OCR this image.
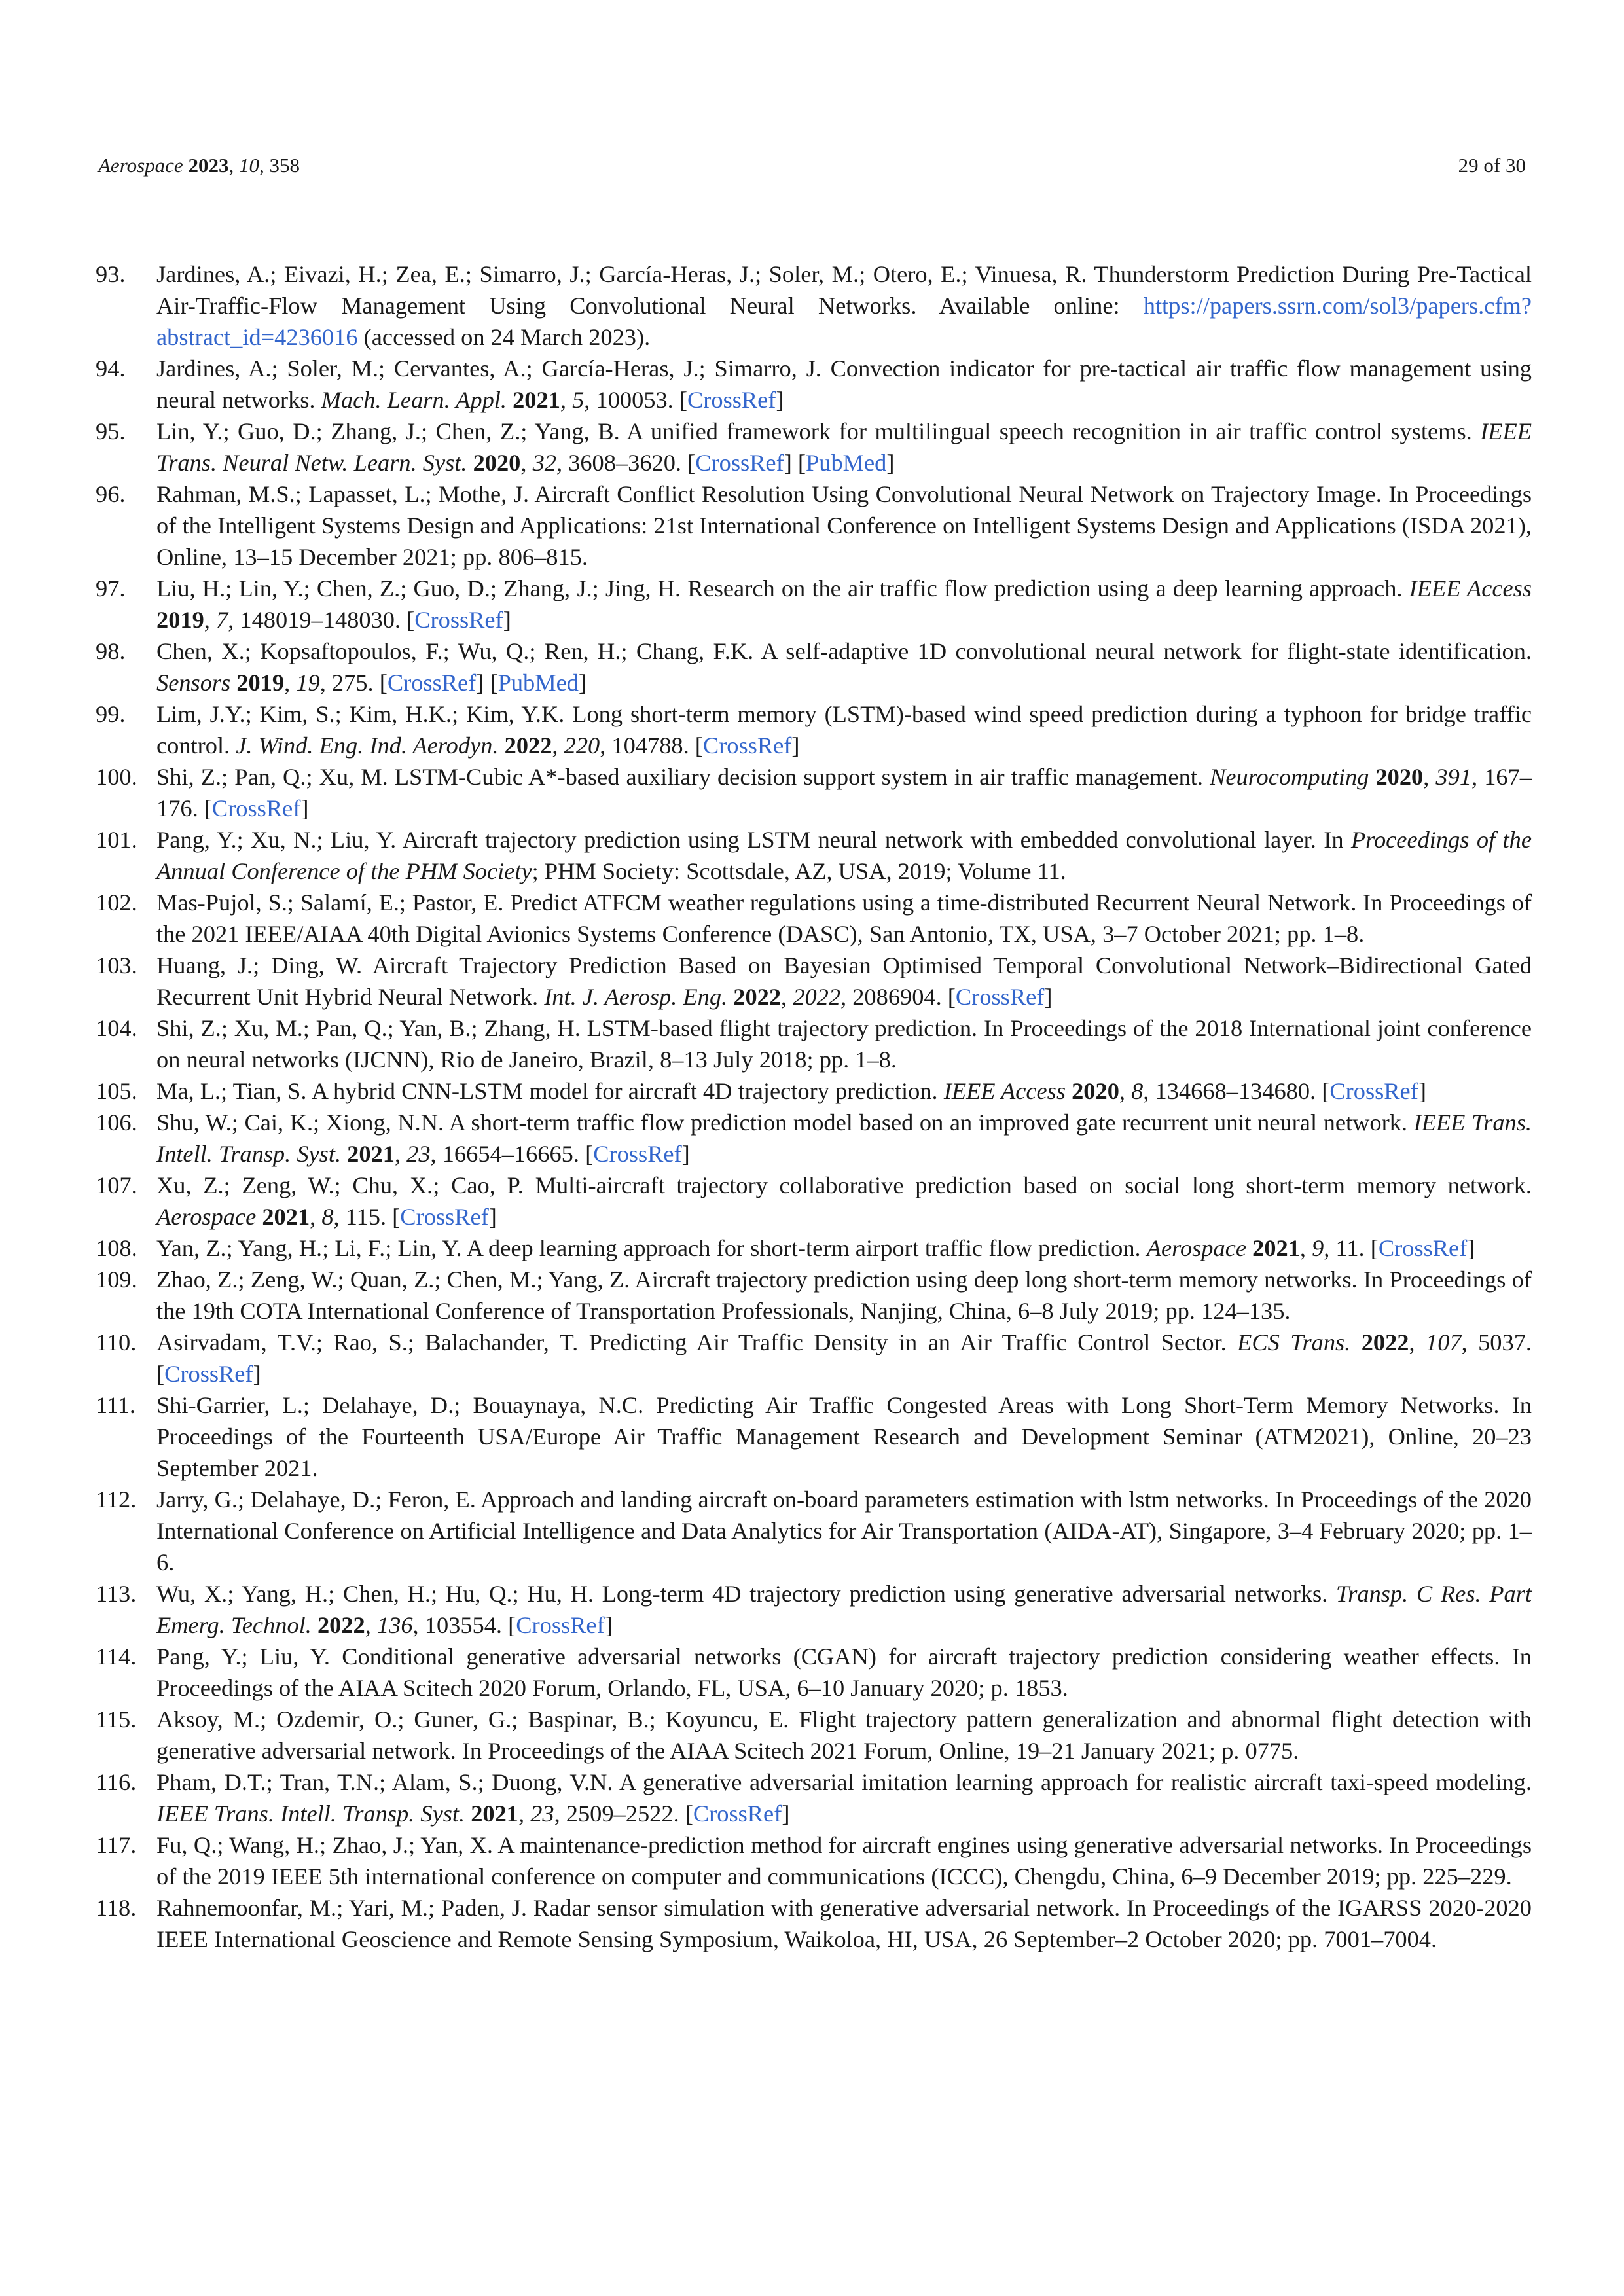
Aerospace 2023, 10, 358	29 of 30
93. Jardines, A.; Eivazi, H.; Zea, E.; Simarro, J.; García-Heras, J.; Soler, M.; Otero, E.; Vinuesa, R. Thunderstorm Prediction During Pre-Tactical Air-Traffic-Flow Management Using Convolutional Neural Networks. Available online: https://papers.ssrn.com/sol3/papers.cfm?abstract_id=4236016 (accessed on 24 March 2023).
94. Jardines, A.; Soler, M.; Cervantes, A.; García-Heras, J.; Simarro, J. Convection indicator for pre-tactical air traffic flow management using neural networks. Mach. Learn. Appl. 2021, 5, 100053. [CrossRef]
95. Lin, Y.; Guo, D.; Zhang, J.; Chen, Z.; Yang, B. A unified framework for multilingual speech recognition in air traffic control systems. IEEE Trans. Neural Netw. Learn. Syst. 2020, 32, 3608–3620. [CrossRef] [PubMed]
96. Rahman, M.S.; Lapasset, L.; Mothe, J. Aircraft Conflict Resolution Using Convolutional Neural Network on Trajectory Image. In Proceedings of the Intelligent Systems Design and Applications: 21st International Conference on Intelligent Systems Design and Applications (ISDA 2021), Online, 13–15 December 2021; pp. 806–815.
97. Liu, H.; Lin, Y.; Chen, Z.; Guo, D.; Zhang, J.; Jing, H. Research on the air traffic flow prediction using a deep learning approach. IEEE Access 2019, 7, 148019–148030. [CrossRef]
98. Chen, X.; Kopsaftopoulos, F.; Wu, Q.; Ren, H.; Chang, F.K. A self-adaptive 1D convolutional neural network for flight-state identification. Sensors 2019, 19, 275. [CrossRef] [PubMed]
99. Lim, J.Y.; Kim, S.; Kim, H.K.; Kim, Y.K. Long short-term memory (LSTM)-based wind speed prediction during a typhoon for bridge traffic control. J. Wind. Eng. Ind. Aerodyn. 2022, 220, 104788. [CrossRef]
100. Shi, Z.; Pan, Q.; Xu, M. LSTM-Cubic A*-based auxiliary decision support system in air traffic management. Neurocomputing 2020, 391, 167–176. [CrossRef]
101. Pang, Y.; Xu, N.; Liu, Y. Aircraft trajectory prediction using LSTM neural network with embedded convolutional layer. In Proceedings of the Annual Conference of the PHM Society; PHM Society: Scottsdale, AZ, USA, 2019; Volume 11.
102. Mas-Pujol, S.; Salamí, E.; Pastor, E. Predict ATFCM weather regulations using a time-distributed Recurrent Neural Network. In Proceedings of the 2021 IEEE/AIAA 40th Digital Avionics Systems Conference (DASC), San Antonio, TX, USA, 3–7 October 2021; pp. 1–8.
103. Huang, J.; Ding, W. Aircraft Trajectory Prediction Based on Bayesian Optimised Temporal Convolutional Network–Bidirectional Gated Recurrent Unit Hybrid Neural Network. Int. J. Aerosp. Eng. 2022, 2022, 2086904. [CrossRef]
104. Shi, Z.; Xu, M.; Pan, Q.; Yan, B.; Zhang, H. LSTM-based flight trajectory prediction. In Proceedings of the 2018 International joint conference on neural networks (IJCNN), Rio de Janeiro, Brazil, 8–13 July 2018; pp. 1–8.
105. Ma, L.; Tian, S. A hybrid CNN-LSTM model for aircraft 4D trajectory prediction. IEEE Access 2020, 8, 134668–134680. [CrossRef]
106. Shu, W.; Cai, K.; Xiong, N.N. A short-term traffic flow prediction model based on an improved gate recurrent unit neural network. IEEE Trans. Intell. Transp. Syst. 2021, 23, 16654–16665. [CrossRef]
107. Xu, Z.; Zeng, W.; Chu, X.; Cao, P. Multi-aircraft trajectory collaborative prediction based on social long short-term memory network. Aerospace 2021, 8, 115. [CrossRef]
108. Yan, Z.; Yang, H.; Li, F.; Lin, Y. A deep learning approach for short-term airport traffic flow prediction. Aerospace 2021, 9, 11. [CrossRef]
109. Zhao, Z.; Zeng, W.; Quan, Z.; Chen, M.; Yang, Z. Aircraft trajectory prediction using deep long short-term memory networks. In Proceedings of the 19th COTA International Conference of Transportation Professionals, Nanjing, China, 6–8 July 2019; pp. 124–135.
110. Asirvadam, T.V.; Rao, S.; Balachander, T. Predicting Air Traffic Density in an Air Traffic Control Sector. ECS Trans. 2022, 107, 5037. [CrossRef]
111. Shi-Garrier, L.; Delahaye, D.; Bouaynaya, N.C. Predicting Air Traffic Congested Areas with Long Short-Term Memory Networks. In Proceedings of the Fourteenth USA/Europe Air Traffic Management Research and Development Seminar (ATM2021), Online, 20–23 September 2021.
112. Jarry, G.; Delahaye, D.; Feron, E. Approach and landing aircraft on-board parameters estimation with lstm networks. In Proceedings of the 2020 International Conference on Artificial Intelligence and Data Analytics for Air Transportation (AIDA-AT), Singapore, 3–4 February 2020; pp. 1–6.
113. Wu, X.; Yang, H.; Chen, H.; Hu, Q.; Hu, H. Long-term 4D trajectory prediction using generative adversarial networks. Transp. C Res. Part Emerg. Technol. 2022, 136, 103554. [CrossRef]
114. Pang, Y.; Liu, Y. Conditional generative adversarial networks (CGAN) for aircraft trajectory prediction considering weather effects. In Proceedings of the AIAA Scitech 2020 Forum, Orlando, FL, USA, 6–10 January 2020; p. 1853.
115. Aksoy, M.; Ozdemir, O.; Guner, G.; Baspinar, B.; Koyuncu, E. Flight trajectory pattern generalization and abnormal flight detection with generative adversarial network. In Proceedings of the AIAA Scitech 2021 Forum, Online, 19–21 January 2021; p. 0775.
116. Pham, D.T.; Tran, T.N.; Alam, S.; Duong, V.N. A generative adversarial imitation learning approach for realistic aircraft taxi-speed modeling. IEEE Trans. Intell. Transp. Syst. 2021, 23, 2509–2522. [CrossRef]
117. Fu, Q.; Wang, H.; Zhao, J.; Yan, X. A maintenance-prediction method for aircraft engines using generative adversarial networks. In Proceedings of the 2019 IEEE 5th international conference on computer and communications (ICCC), Chengdu, China, 6–9 December 2019; pp. 225–229.
118. Rahnemoonfar, M.; Yari, M.; Paden, J. Radar sensor simulation with generative adversarial network. In Proceedings of the IGARSS 2020-2020 IEEE International Geoscience and Remote Sensing Symposium, Waikoloa, HI, USA, 26 September–2 October 2020; pp. 7001–7004.
